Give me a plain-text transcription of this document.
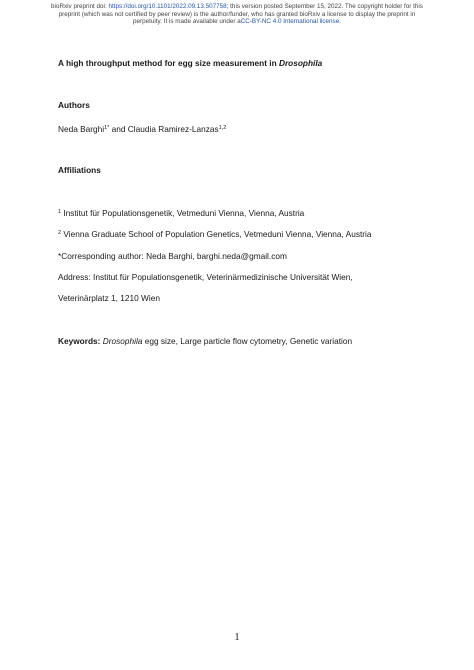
bioRxiv preprint doi: https://doi.org/10.1101/2022.09.13.507758; this version posted September 15, 2022. The copyright holder for this
preprint (which was not certified by peer review) is the author/funder, who has granted bioRxiv a license to display the preprint in
perpetuity. It is made available under aCC-BY-NC 4.0 International license.
A high throughput method for egg size measurement in Drosophila
Authors
Neda Barghi$^{1*}$ and Claudia Ramirez-Lanzas$^{1,2}$
Affiliations
$^1$ Institut für Populationsgenetik, Vetmeduni Vienna, Vienna, Austria
$^2$ Vienna Graduate School of Population Genetics, Vetmeduni Vienna, Vienna, Austria
*Corresponding author: Neda Barghi, barghi.neda@gmail.com
Address: Institut für Populationsgenetik, Veterinärmedizinische Universität Wien,
Veterinärplatz 1, 1210 Wien
Keywords: Drosophila egg size, Large particle flow cytometry, Genetic variation
1
